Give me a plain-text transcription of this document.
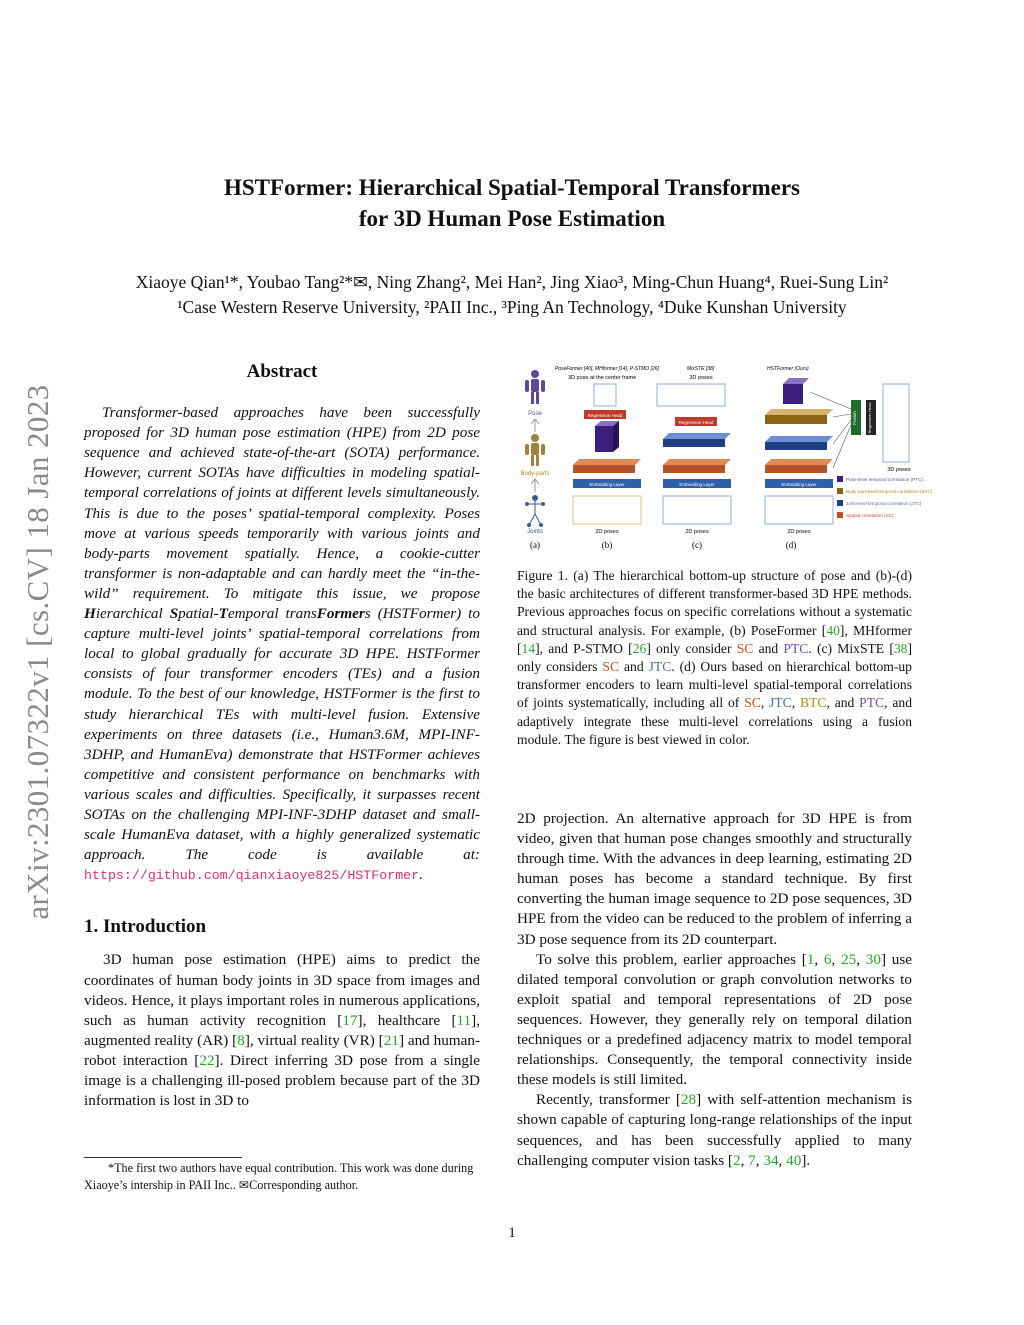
arXiv:2301.07322v1 [cs.CV] 18 Jan 2023
HSTFormer: Hierarchical Spatial-Temporal Transformers
for 3D Human Pose Estimation
Xiaoye Qian¹*, Youbao Tang²*✉, Ning Zhang², Mei Han², Jing Xiao³, Ming-Chun Huang⁴, Ruei-Sung Lin²
¹Case Western Reserve University, ²PAII Inc., ³Ping An Technology, ⁴Duke Kunshan University
Abstract

Transformer-based approaches have been successfully proposed for 3D human pose estimation (HPE) from 2D pose sequence and achieved state-of-the-art (SOTA) performance. However, current SOTAs have difficulties in modeling spatial-temporal correlations of joints at different levels simultaneously. This is due to the poses’ spatial-temporal complexity. Poses move at various speeds temporarily with various joints and body-parts movement spatially. Hence, a cookie-cutter transformer is non-adaptable and can hardly meet the “in-the-wild” requirement. To mitigate this issue, we propose Hierarchical Spatial-Temporal transFormers (HSTFormer) to capture multi-level joints’ spatial-temporal correlations from local to global gradually for accurate 3D HPE. HSTFormer consists of four transformer encoders (TEs) and a fusion module. To the best of our knowledge, HSTFormer is the first to study hierarchical TEs with multi-level fusion. Extensive experiments on three datasets (i.e., Human3.6M, MPI-INF-3DHP, and HumanEva) demonstrate that HSTFormer achieves competitive and consistent performance on benchmarks with various scales and difficulties. Specifically, it surpasses recent SOTAs on the challenging MPI-INF-3DHP dataset and small-scale HumanEva dataset, with a highly generalized systematic approach. The code is available at: https://github.com/qianxiaoye825/HSTFormer.

1. Introduction

3D human pose estimation (HPE) aims to predict the coordinates of human body joints in 3D space from images and videos. Hence, it plays important roles in numerous applications, such as human activity recognition [17], healthcare [11], augmented reality (AR) [8], virtual reality (VR) [21] and human-robot interaction [22]. Direct inferring 3D pose from a single image is a challenging ill-posed problem because part of the 3D information is lost in 3D to

*The first two authors have equal contribution. This work was done during Xiaoye’s intership in PAII Inc.. ✉Corresponding author.
Pose
Body-parts
Joints
(a)
PoseFormer [40], MHformer [14], P-STMO [26]
3D pose at the center frame
Regression Head
Embedding Layer
2D poses
(b)
MixSTE [38]
3D poses
Regression Head
Embedding Layer
2D poses
(c)
HSTFormer (Ours)
Fusion	Regression Head
3D poses
Embedding Layer
2D poses
(d)
Pose-level temporal correlation (PTC)
Body-part-level temporal correlation (BTC)
Joint-level temporal correlation (JTC)
Spatial correlation (SC)
Figure 1. (a) The hierarchical bottom-up structure of pose and (b)-(d) the basic architectures of different transformer-based 3D HPE methods. Previous approaches focus on specific correlations without a systematic and structural analysis. For example, (b) PoseFormer [40], MHformer [14], and P-STMO [26] only consider SC and PTC. (c) MixSTE [38] only considers SC and JTC. (d) Ours based on hierarchical bottom-up transformer encoders to learn multi-level spatial-temporal correlations of joints systematically, including all of SC, JTC, BTC, and PTC, and adaptively integrate these multi-level correlations using a fusion module. The figure is best viewed in color.

2D projection. An alternative approach for 3D HPE is from video, given that human pose changes smoothly and structurally through time. With the advances in deep learning, estimating 2D human poses has become a standard technique. By first converting the human image sequence to 2D pose sequences, 3D HPE from the video can be reduced to the problem of inferring a 3D pose sequence from its 2D counterpart.

To solve this problem, earlier approaches [1, 6, 25, 30] use dilated temporal convolution or graph convolution networks to exploit spatial and temporal representations of 2D pose sequences. However, they generally rely on temporal dilation techniques or a predefined adjacency matrix to model temporal relationships. Consequently, the temporal connectivity inside these models is still limited.

Recently, transformer [28] with self-attention mechanism is shown capable of capturing long-range relationships of the input sequences, and has been successfully applied to many challenging computer vision tasks [2, 7, 34, 40].

1
